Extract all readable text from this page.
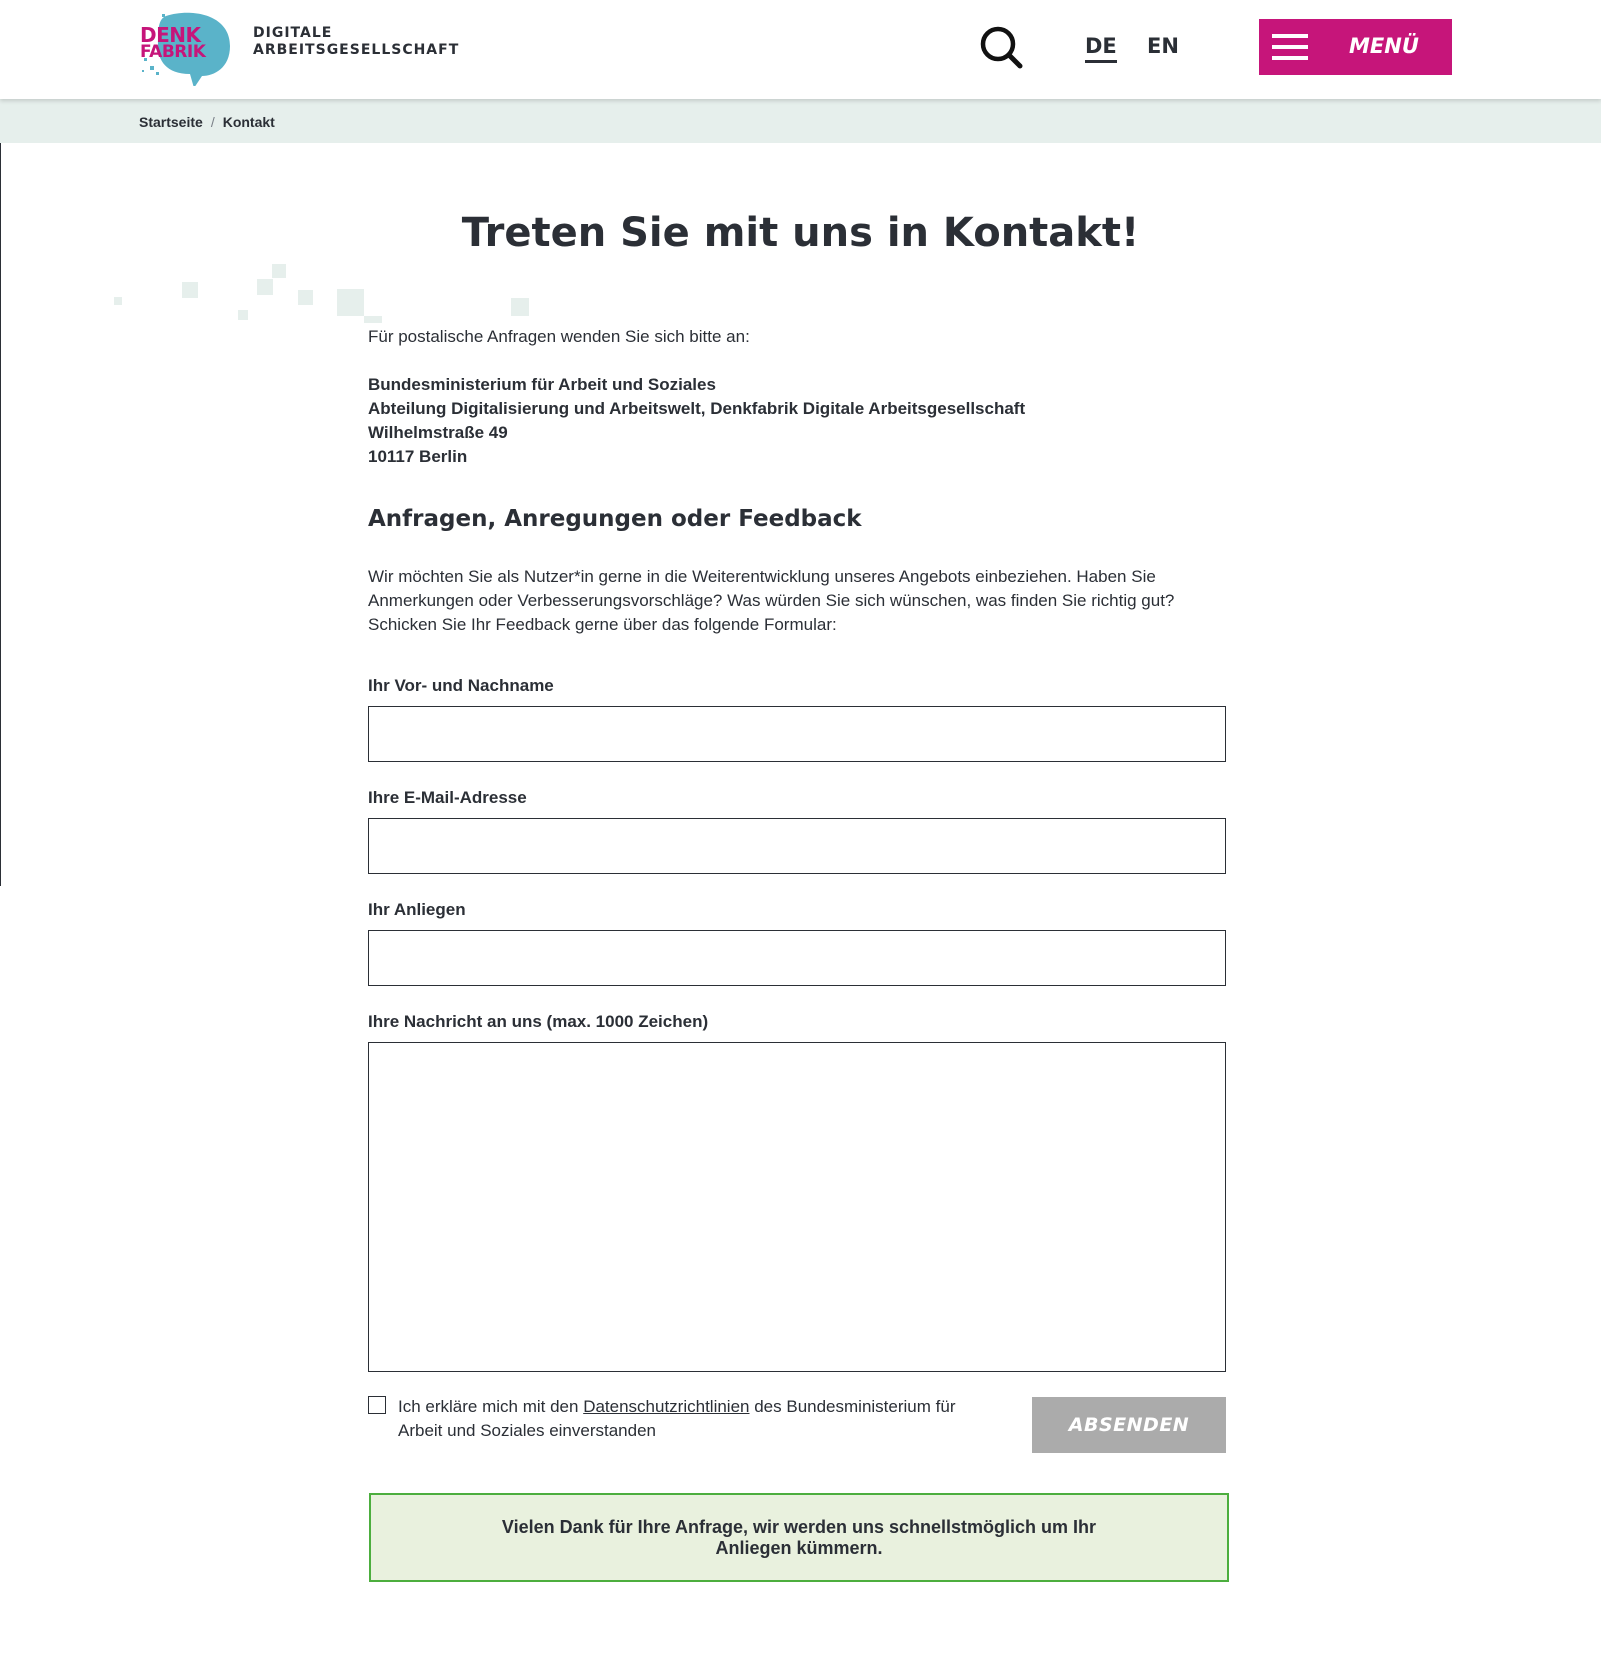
DENK
FABRIK
DIGITALE
ARBEITSGESELLSCHAFT	DE EN	MENÜ
Startseite / Kontakt
Treten Sie mit uns in Kontakt!

Für postalische Anfragen wenden Sie sich bitte an:

Bundesministerium für Arbeit und Soziales
Abteilung Digitalisierung und Arbeitswelt, Denkfabrik Digitale Arbeitsgesellschaft
Wilhelmstraße 49
10117 Berlin
Anfragen, Anregungen oder Feedback
Wir möchten Sie als Nutzer*in gerne in die Weiterentwicklung unseres Angebots einbeziehen. Haben Sie
Anmerkungen oder Verbesserungsvorschläge? Was würden Sie sich wünschen, was finden Sie richtig gut?
Schicken Sie Ihr Feedback gerne über das folgende Formular:
Ihr Vor- und Nachname
Ihre E-Mail-Adresse
Ihr Anliegen
Ihre Nachricht an uns (max. 1000 Zeichen)
Ich erkläre mich mit den Datenschutzrichtlinien des Bundesministerium für Arbeit und Soziales einverstanden	ABSENDEN
Vielen Dank für Ihre Anfrage, wir werden uns schnellstmöglich um Ihr Anliegen kümmern.
